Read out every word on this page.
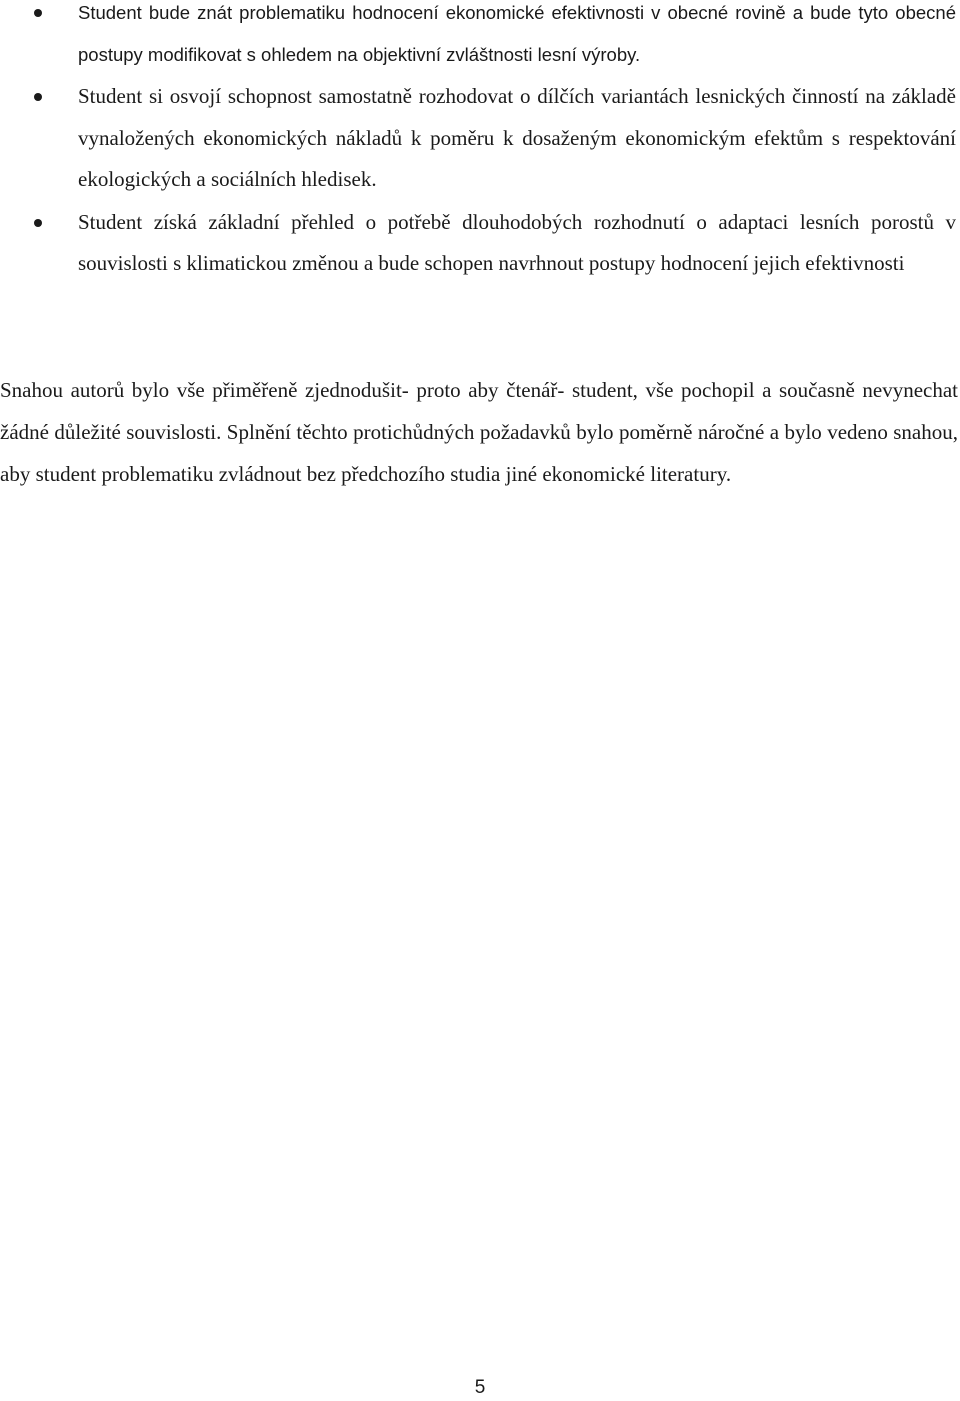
Student bude znát problematiku hodnocení ekonomické efektivnosti v obecné rovině a bude tyto obecné postupy modifikovat s ohledem na objektivní zvláštnosti lesní výroby.
Student si osvojí schopnost samostatně rozhodovat o dílčích variantách lesnických činností na základě vynaložených ekonomických nákladů k poměru k dosaženým ekonomickým efektům s respektování ekologických a sociálních hledisek.
Student získá základní přehled o potřebě dlouhodobých rozhodnutí o adaptaci lesních porostů v souvislosti s klimatickou změnou a bude schopen navrhnout postupy hodnocení jejich efektivnosti

Snahou autorů bylo vše přiměřeně zjednodušit- proto aby čtenář- student, vše pochopil a současně nevynechat žádné důležité souvislosti. Splnění těchto protichůdných požadavků bylo poměrně náročné a bylo vedeno snahou, aby student problematiku zvládnout bez předchozího studia jiné ekonomické literatury.

5
